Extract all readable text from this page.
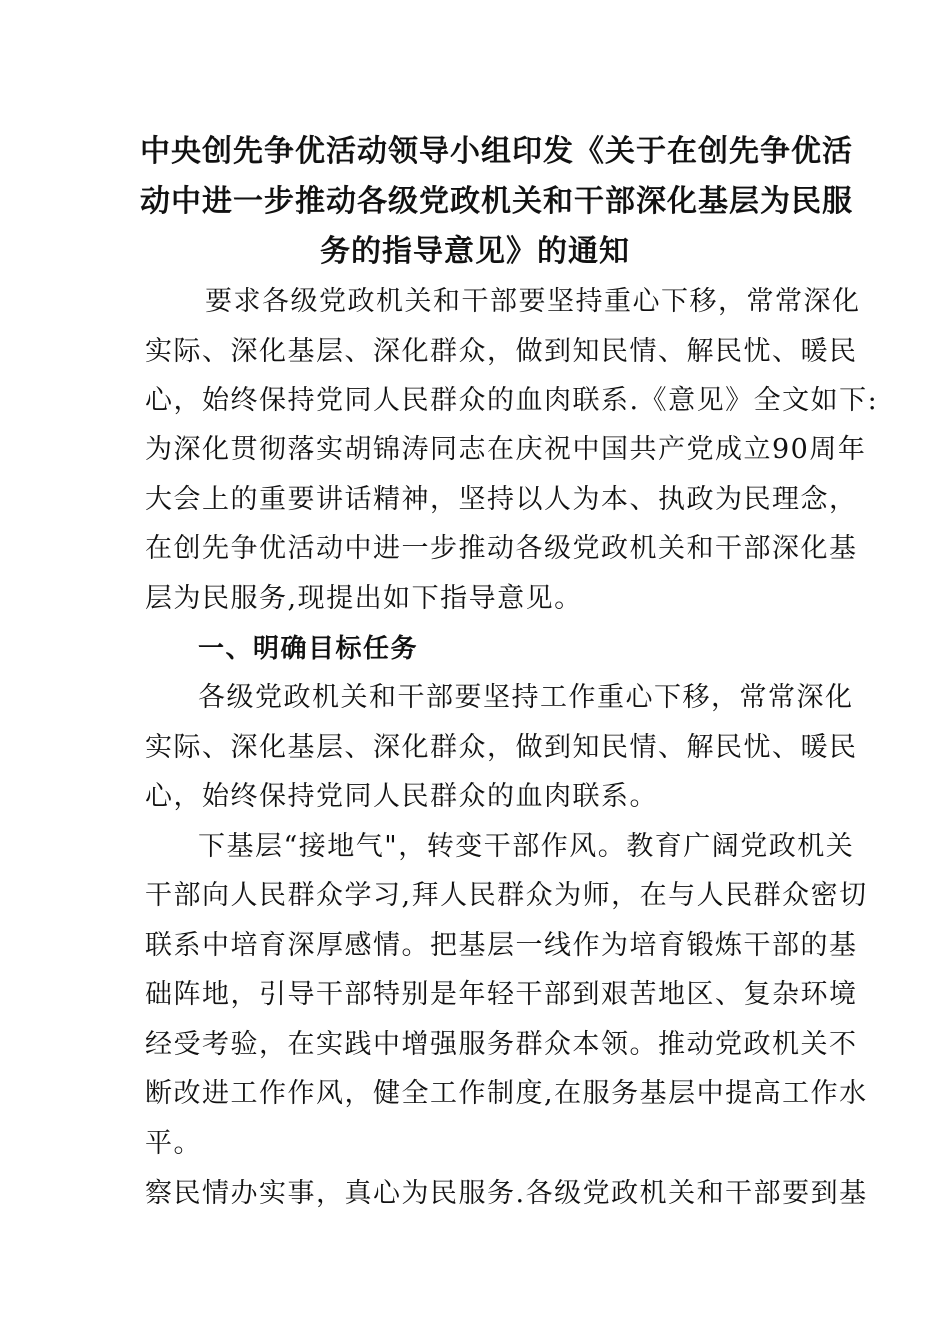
中央创先争优活动领导小组印发《关于在创先争优活
动中进一步推动各级党政机关和干部深化基层为民服
务的指导意见》的通知
要求各级党政机关和干部要坚持重心下移，常常深化
实际、深化基层、深化群众，做到知民情、解民忧、暖民
心，始终保持党同人民群众的血肉联系.《意见》全文如下:
为深化贯彻落实胡锦涛同志在庆祝中国共产党成立90周年
大会上的重要讲话精神，坚持以人为本、执政为民理念，
在创先争优活动中进一步推动各级党政机关和干部深化基
层为民服务,现提出如下指导意见。
一、明确目标任务
各级党政机关和干部要坚持工作重心下移，常常深化
实际、深化基层、深化群众，做到知民情、解民忧、暖民
心，始终保持党同人民群众的血肉联系。
下基层“接地气"，转变干部作风。教育广阔党政机关
干部向人民群众学习,拜人民群众为师，在与人民群众密切
联系中培育深厚感情。把基层一线作为培育锻炼干部的基
础阵地，引导干部特别是年轻干部到艰苦地区、复杂环境
经受考验，在实践中增强服务群众本领。推动党政机关不
断改进工作作风，健全工作制度,在服务基层中提高工作水
平。
察民情办实事，真心为民服务.各级党政机关和干部要到基
